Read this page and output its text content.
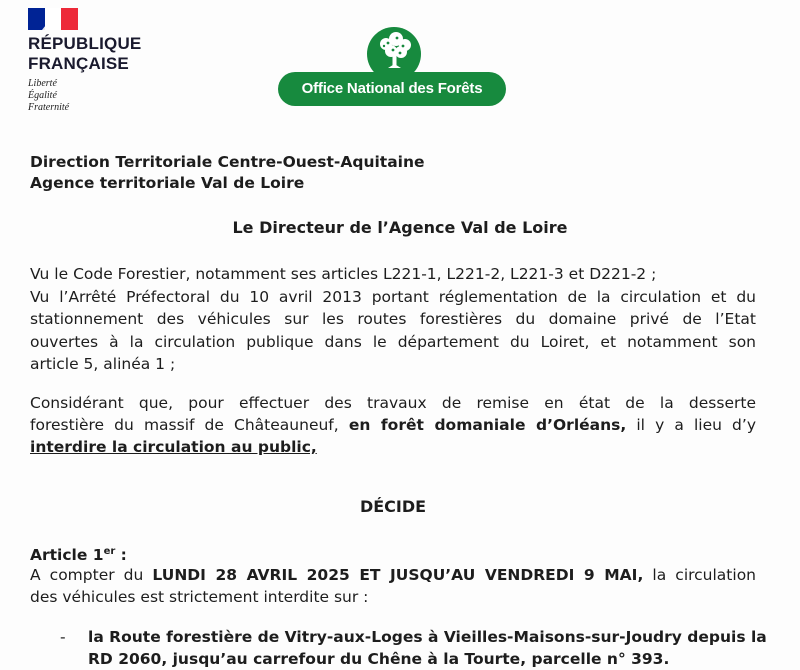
RÉPUBLIQUE
FRANÇAISE
Liberté
Égalité
Fraternité
Office National des Forêts
Direction Territoriale Centre-Ouest-Aquitaine
Agence territoriale Val de Loire
Le Directeur de l’Agence Val de Loire
Vu le Code Forestier, notamment ses articles L221-1, L221-2, L221-3 et D221-2 ;
Vu l’Arrêté Préfectoral du 10 avril 2013 portant réglementation de la circulation et du
stationnement des véhicules sur les routes forestières du domaine privé de l’Etat
ouvertes à la circulation publique dans le département du Loiret, et notamment son
article 5, alinéa 1 ;
Considérant que, pour effectuer des travaux de remise en état de la desserte
forestière du massif de Châteauneuf, en forêt domaniale d’Orléans, il y a lieu d’y
interdire la circulation au public,
DÉCIDE
Article 1er :
A compter du LUNDI 28 AVRIL 2025 ET JUSQU’AU VENDREDI 9 MAI, la circulation
des véhicules est strictement interdite sur :
- la Route forestière de Vitry-aux-Loges à Vieilles-Maisons-sur-Joudry depuis la
RD 2060, jusqu’au carrefour du Chêne à la Tourte, parcelle n° 393.
